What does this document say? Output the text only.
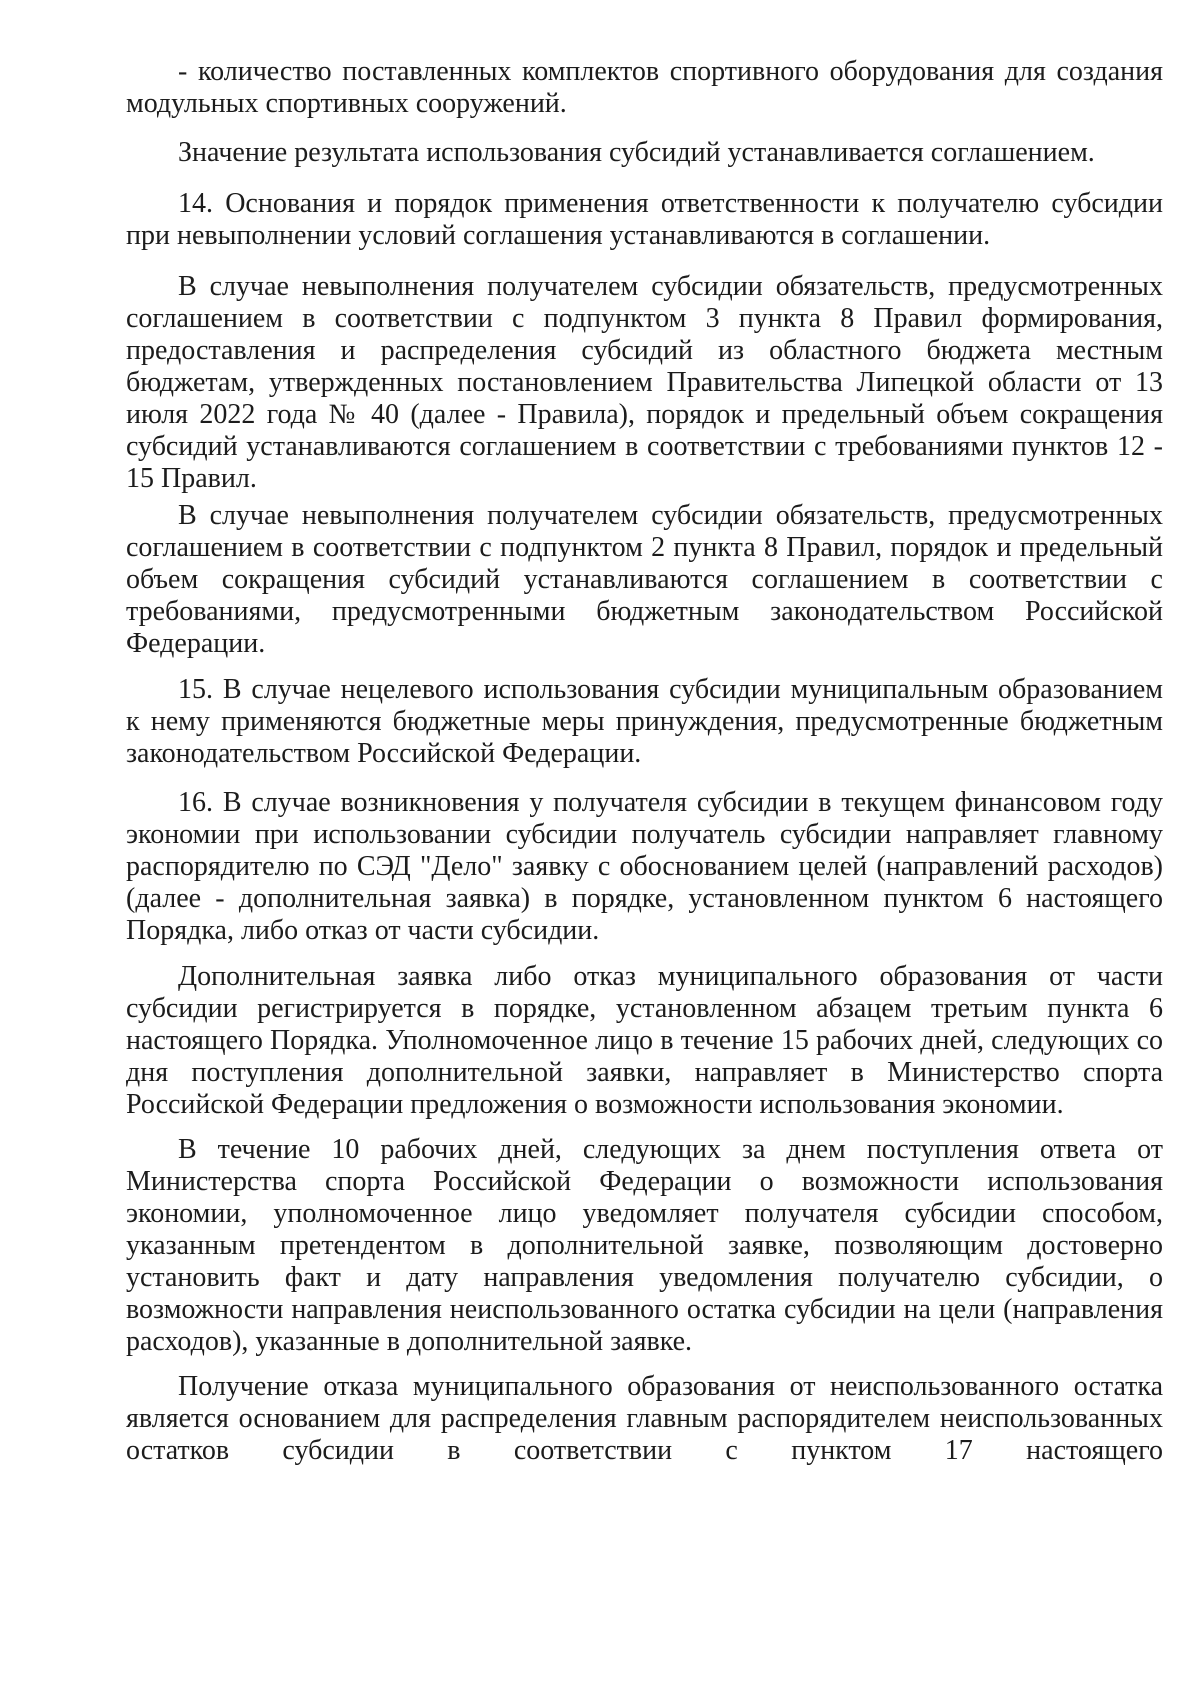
- количество поставленных комплектов спортивного оборудования для создания модульных спортивных сооружений.

Значение результата использования субсидий устанавливается соглашением.

14. Основания и порядок применения ответственности к получателю субсидии при невыполнении условий соглашения устанавливаются в соглашении.

В случае невыполнения получателем субсидии обязательств, предусмотренных соглашением в соответствии с подпунктом 3 пункта 8 Правил формирования, предоставления и распределения субсидий из областного бюджета местным бюджетам, утвержденных постановлением Правительства Липецкой области от 13 июля 2022 года № 40 (далее - Правила), порядок и предельный объем сокращения субсидий устанавливаются соглашением в соответствии с требованиями пунктов 12 - 15 Правил.

В случае невыполнения получателем субсидии обязательств, предусмотренных соглашением в соответствии с подпунктом 2 пункта 8 Правил, порядок и предельный объем сокращения субсидий устанавливаются соглашением в соответствии с требованиями, предусмотренными бюджетным законодательством Российской Федерации.

15. В случае нецелевого использования субсидии муниципальным образованием к нему применяются бюджетные меры принуждения, предусмотренные бюджетным законодательством Российской Федерации.

16. В случае возникновения у получателя субсидии в текущем финансовом году экономии при использовании субсидии получатель субсидии направляет главному распорядителю по СЭД "Дело" заявку с обоснованием целей (направлений расходов) (далее - дополнительная заявка) в порядке, установленном пунктом 6 настоящего Порядка, либо отказ от части субсидии.

Дополнительная заявка либо отказ муниципального образования от части субсидии регистрируется в порядке, установленном абзацем третьим пункта 6 настоящего Порядка. Уполномоченное лицо в течение 15 рабочих дней, следующих со дня поступления дополнительной заявки, направляет в Министерство спорта Российской Федерации предложения о возможности использования экономии.

В течение 10 рабочих дней, следующих за днем поступления ответа от Министерства спорта Российской Федерации о возможности использования экономии, уполномоченное лицо уведомляет получателя субсидии способом, указанным претендентом в дополнительной заявке, позволяющим достоверно установить факт и дату направления уведомления получателю субсидии, о возможности направления неиспользованного остатка субсидии на цели (направления расходов), указанные в дополнительной заявке.

Получение отказа муниципального образования от неиспользованного остатка является основанием для распределения главным распорядителем неиспользованных остатков субсидии в соответствии с пунктом 17 настоящего
